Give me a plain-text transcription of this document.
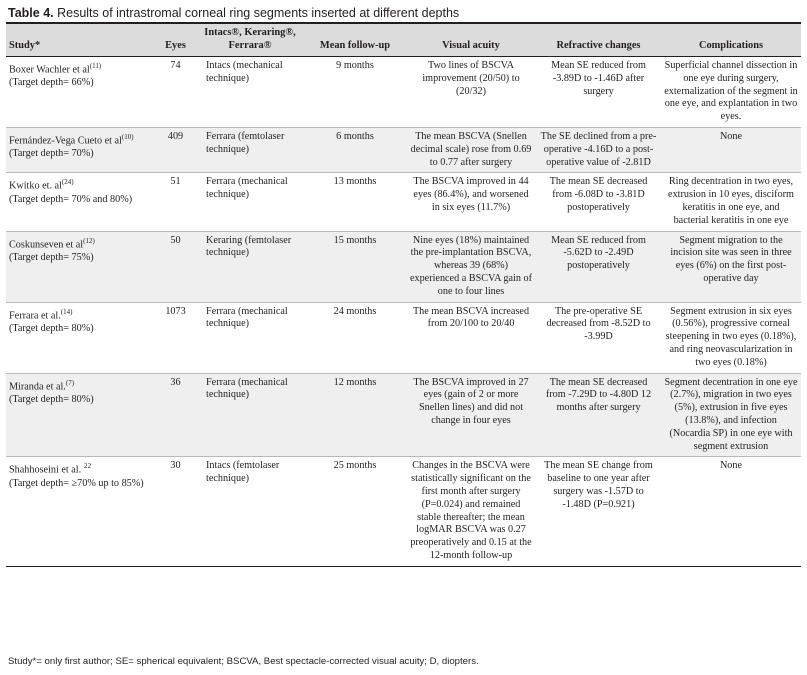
Table 4. Results of intrastromal corneal ring segments inserted at different depths
Study*	Eyes	Intacs®, Keraring®, Ferrara®	Mean follow-up	Visual acuity	Refractive changes	Complications
Boxer Wachler et $al^{(11)}$
(Target depth= 66%)	74	Intacs (mechanical technique)	9 months	Two lines of BSCVA improvement (20/50) to (20/32)	Mean SE reduced from -3.89D to -1.46D after surgery	Superficial channel dissection in one eye during surgery, externalization of the segment in one eye, and explantation in two eyes.
Fernández-Vega Cueto et $al^{(10)}$
(Target depth= 70%)	409	Ferrara (femtolaser technique)	6 months	The mean BSCVA (Snellen decimal scale) rose from 0.69 to 0.77 after surgery	The SE declined from a pre-operative -4.16D to a post-operative value of -2.81D	None
Kwitko et. $al^{(24)}$
(Target depth= 70% and 80%)	51	Ferrara (mechanical technique)	13 months	The BSCVA improved in 44 eyes (86.4%), and worsened in six eyes (11.7%)	The mean SE decreased from -6.08D to -3.81D postoperatively	Ring decentration in two eyes, extrusion in 10 eyes, disciform keratitis in one eye, and bacterial keratitis in one eye
Coskunseven et $al^{(12)}$
(Target depth= 75%)	50	Keraring (femtolaser technique)	15 months	Nine eyes (18%) maintained the pre-implantation BSCVA, whereas 39 (68%) experienced a BSCVA gain of one to four lines	Mean SE reduced from -5.62D to -2.49D postoperatively	Segment migration to the incision site was seen in three eyes (6%) on the first post-operative day
Ferrara et al.$^{(14)}$
(Target depth= 80%)	1073	Ferrara (mechanical technique)	24 months	The mean BSCVA increased from 20/100 to 20/40	The pre-operative SE decreased from -8.52D to -3.99D	Segment extrusion in six eyes (0.56%), progressive corneal steepening in two eyes (0.18%), and ring neovascularization in two eyes (0.18%)
Miranda et al.$^{(7)}$
(Target depth= 80%)	36	Ferrara (mechanical technique)	12 months	The BSCVA improved in 27 eyes (gain of 2 or more Snellen lines) and did not change in four eyes	The mean SE decreased from -7.29D to -4.80D 12 months after surgery	Segment decentration in one eye (2.7%), migration in two eyes (5%), extrusion in five eyes (13.8%), and infection (Nocardia SP) in one eye with segment extrusion
Shahhoseini et al. $^{22}$
(Target depth= ≥70% up to 85%)	30	Intacs (femtolaser technique)	25 months	Changes in the BSCVA were statistically significant on the first month after surgery (P=0.024) and remained stable thereafter; the mean logMAR BSCVA was 0.27 preoperatively and 0.15 at the 12-month follow-up	The mean SE change from baseline to one year after surgery was -1.57D to -1.48D (P=0.921)	None
Study*= only first author; SE= spherical equivalent; BSCVA, Best spectacle-corrected visual acuity; D, diopters.
